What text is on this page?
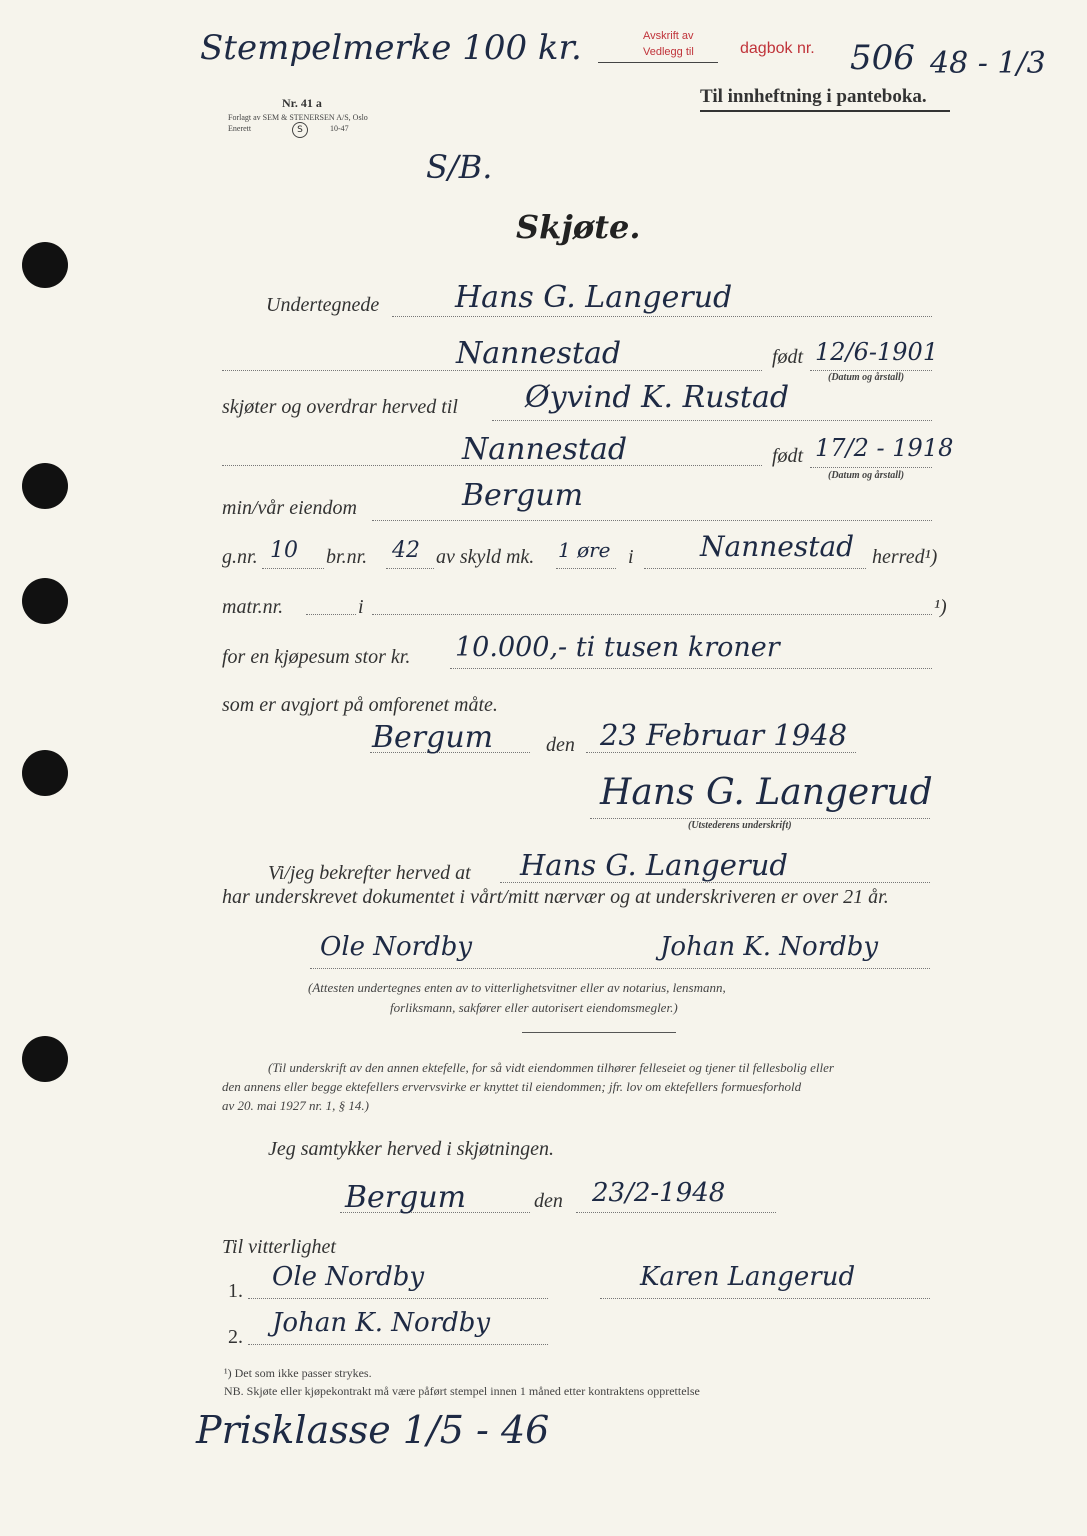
Stempelmerke 100 kr.	Avskrift av
Vedlegg til	dagbok nr. 506 48 - 1/3
Nr. 41 a
Forlagt av SEM & STENERSEN A/S, Oslo
Enerett	S	10-47
Til innheftning i panteboka.
S/B.
Skjøte.
Undertegnede	Hans G. Langerud
Nannestad	født 12/6-1901
(Datum og årstall)
skjøter og overdrar herved til Øyvind K. Rustad
Nannestad	født 17/2 - 1918
(Datum og årstall)
min/vår eiendom	Bergum
g.nr. 10 br.nr. 42 av skyld mk. 1 øre i Nannestad herred¹)
matr.nr.	i	¹)
for en kjøpesum stor kr. 10.000,- ti tusen kroner
som er avgjort på omforenet måte.
Bergum	den 23 Februar 1948
Hans G. Langerud
(Utstederens underskrift)
Vi/jeg bekrefter herved at Hans G. Langerud
har underskrevet dokumentet i vårt/mitt nærvær og at underskriveren er over 21 år.
Ole Nordby	Johan K. Nordby
(Attesten undertegnes enten av to vitterlighetsvitner eller av notarius, lensmann,
forliksmann, sakfører eller autorisert eiendomsmegler.)
(Til underskrift av den annen ektefelle, for så vidt eiendommen tilhører felleseiet og tjener til fellesbolig eller
den annens eller begge ektefellers ervervsvirke er knyttet til eiendommen; jfr. lov om ektefellers formuesforhold
av 20. mai 1927 nr. 1, § 14.)
Jeg samtykker herved i skjøtningen.
Bergum	den 23/2-1948
Til vitterlighet
1. Ole Nordby	Karen Langerud
2. Johan K. Nordby
¹) Det som ikke passer strykes.
NB. Skjøte eller kjøpekontrakt må være påført stempel innen 1 måned etter kontraktens opprettelse
Prisklasse 1/5 - 46
